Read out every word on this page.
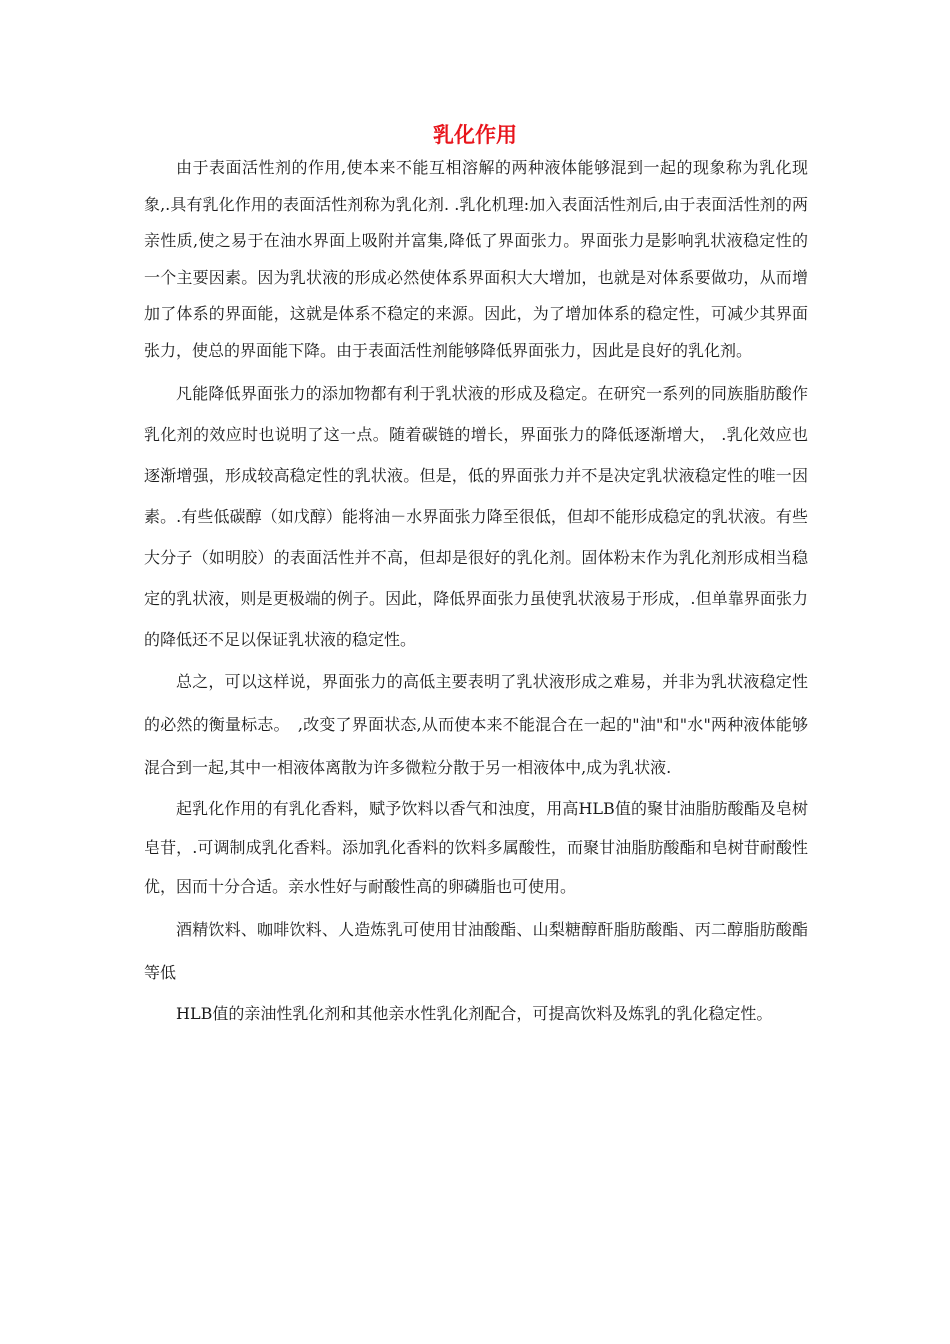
乳化作用

由于表面活性剂的作用,使本来不能互相溶解的两种液体能够混到一起的现象称为乳化现象,.具有乳化作用的表面活性剂称为乳化剂. .乳化机理:加入表面活性剂后,由于表面活性剂的两亲性质,使之易于在油水界面上吸附并富集,降低了界面张力。界面张力是影响乳状液稳定性的一个主要因素。因为乳状液的形成必然使体系界面积大大增加，也就是对体系要做功，从而增加了体系的界面能，这就是体系不稳定的来源。因此，为了增加体系的稳定性，可减少其界面张力，使总的界面能下降。由于表面活性剂能够降低界面张力，因此是良好的乳化剂。

凡能降低界面张力的添加物都有利于乳状液的形成及稳定。在研究一系列的同族脂肪酸作乳化剂的效应时也说明了这一点。随着碳链的增长，界面张力的降低逐渐增大， .乳化效应也逐渐增强，形成较高稳定性的乳状液。但是，低的界面张力并不是决定乳状液稳定性的唯一因素。.有些低碳醇（如戊醇）能将油－水界面张力降至很低，但却不能形成稳定的乳状液。有些大分子（如明胶）的表面活性并不高，但却是很好的乳化剂。固体粉末作为乳化剂形成相当稳定的乳状液，则是更极端的例子。因此，降低界面张力虽使乳状液易于形成，.但单靠界面张力的降低还不足以保证乳状液的稳定性。

总之，可以这样说，界面张力的高低主要表明了乳状液形成之难易，并非为乳状液稳定性的必然的衡量标志。　,改变了界面状态,从而使本来不能混合在一起的"油"和"水"两种液体能够混合到一起,其中一相液体离散为许多微粒分散于另一相液体中,成为乳状液.

起乳化作用的有乳化香料，赋予饮料以香气和浊度，用高HLB值的聚甘油脂肪酸酯及皂树皂苷，.可调制成乳化香料。添加乳化香料的饮料多属酸性，而聚甘油脂肪酸酯和皂树苷耐酸性优，因而十分合适。亲水性好与耐酸性高的卵磷脂也可使用。

酒精饮料、咖啡饮料、人造炼乳可使用甘油酸酯、山梨糖醇酐脂肪酸酯、丙二醇脂肪酸酯等低

HLB值的亲油性乳化剂和其他亲水性乳化剂配合，可提高饮料及炼乳的乳化稳定性。
